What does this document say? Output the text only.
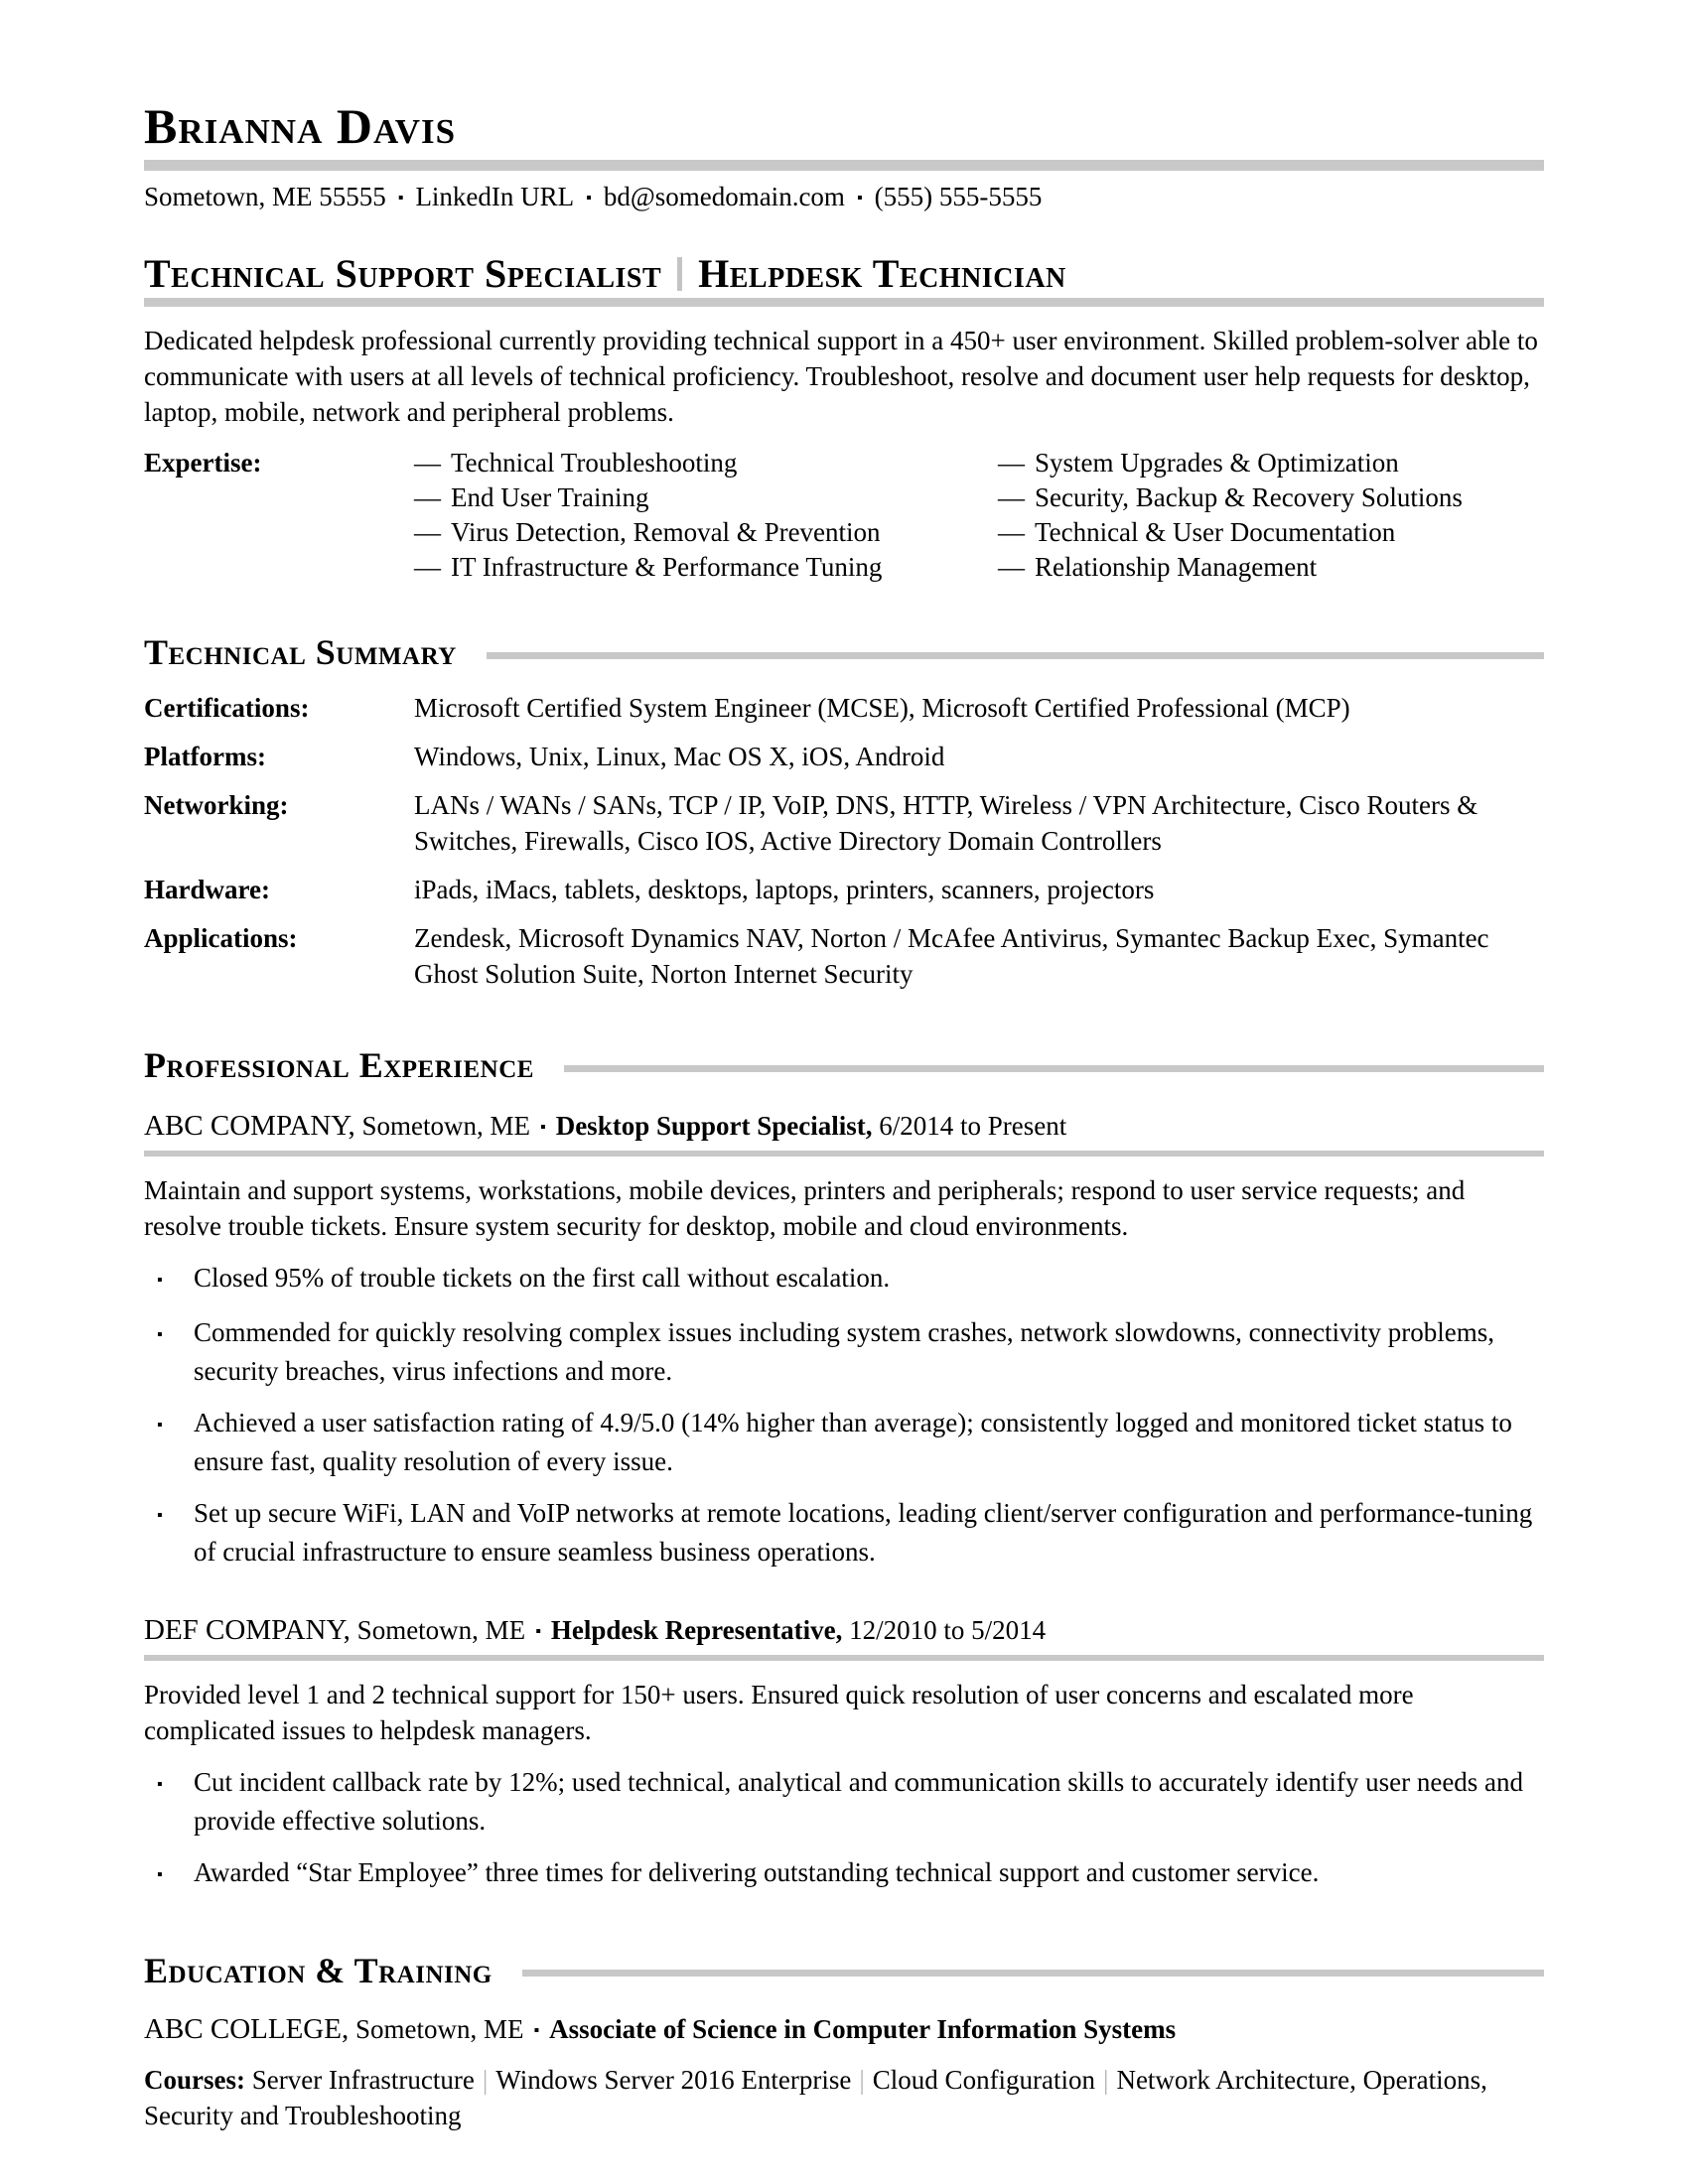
Brianna Davis

Sometown, ME 55555 ▪ LinkedIn URL ▪ bd@somedomain.com ▪ (555) 555-5555

Technical Support Specialist Helpdesk Technician

Dedicated helpdesk professional currently providing technical support in a 450+ user environment. Skilled problem-solver able to communicate with users at all levels of technical proficiency. Troubleshoot, resolve and document user help requests for desktop, laptop, mobile, network and peripheral problems.

Expertise:	— Technical Troubleshooting	— System Upgrades & Optimization
— End User Training	— Security, Backup & Recovery Solutions
— Virus Detection, Removal & Prevention	— Technical & User Documentation
— IT Infrastructure & Performance Tuning	— Relationship Management
Technical Summary
Certifications:	Microsoft Certified System Engineer (MCSE), Microsoft Certified Professional (MCP)
Platforms:	Windows, Unix, Linux, Mac OS X, iOS, Android
Networking:	LANs / WANs / SANs, TCP / IP, VoIP, DNS, HTTP, Wireless / VPN Architecture, Cisco Routers & Switches, Firewalls, Cisco IOS, Active Directory Domain Controllers
Hardware:	iPads, iMacs, tablets, desktops, laptops, printers, scanners, projectors
Applications:	Zendesk, Microsoft Dynamics NAV, Norton / McAfee Antivirus, Symantec Backup Exec, Symantec Ghost Solution Suite, Norton Internet Security
Professional Experience
ABC COMPANY, Sometown, ME ▪ Desktop Support Specialist, 6/2014 to Present

Maintain and support systems, workstations, mobile devices, printers and peripherals; respond to user service requests; and resolve trouble tickets. Ensure system security for desktop, mobile and cloud environments.

▪ Closed 95% of trouble tickets on the first call without escalation.
▪ Commended for quickly resolving complex issues including system crashes, network slowdowns, connectivity problems, security breaches, virus infections and more.
▪ Achieved a user satisfaction rating of 4.9/5.0 (14% higher than average); consistently logged and monitored ticket status to ensure fast, quality resolution of every issue.
▪ Set up secure WiFi, LAN and VoIP networks at remote locations, leading client/server configuration and performance-tuning of crucial infrastructure to ensure seamless business operations.
DEF COMPANY, Sometown, ME ▪ Helpdesk Representative, 12/2010 to 5/2014

Provided level 1 and 2 technical support for 150+ users. Ensured quick resolution of user concerns and escalated more complicated issues to helpdesk managers.

▪ Cut incident callback rate by 12%; used technical, analytical and communication skills to accurately identify user needs and provide effective solutions.
▪ Awarded “Star Employee” three times for delivering outstanding technical support and customer service.
Education & Training
ABC COLLEGE, Sometown, ME ▪ Associate of Science in Computer Information Systems

Courses: Server Infrastructure | Windows Server 2016 Enterprise | Cloud Configuration | Network Architecture, Operations, Security and Troubleshooting
